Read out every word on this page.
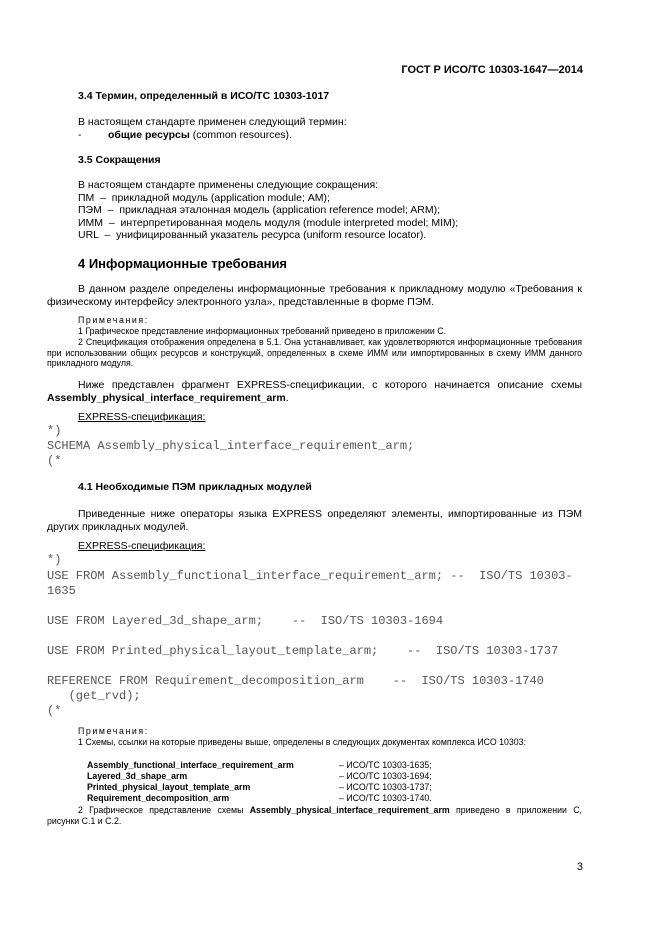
ГОСТ Р ИСО/ТС 10303-1647—2014
3.4 Термин, определенный в ИСО/ТС 10303-1017
В настоящем стандарте применен следующий термин:
-	общие ресурсы (common resources).
3.5 Сокращения
В настоящем стандарте применены следующие сокращения:
ПМ  –  прикладной модуль (application module; АМ);
ПЭМ  –  прикладная эталонная модель (application reference model; ARM);
ИММ  –  интерпретированная модель модуля (module interpreted model; MIM);
URL  –  унифицированный указатель ресурса (uniform resource locator).
4 Информационные требования
В данном разделе определены информационные требования к прикладному модулю «Требования к физическому интерфейсу электронного узла», представленные в форме ПЭМ.
Примечания:
1 Графическое представление информационных требований приведено в приложении С.
2 Спецификация отображения определена в 5.1. Она устанавливает, как удовлетворяются информационные требования при использовании общих ресурсов и конструкций, определенных в схеме ИММ или импортированных в схему ИММ данного прикладного модуля.
Ниже представлен фрагмент EXPRESS-спецификации, с которого начинается описание схемы Assembly_physical_interface_requirement_arm.
EXPRESS-спецификация:
*)
SCHEMA Assembly_physical_interface_requirement_arm;
(*
4.1 Необходимые ПЭМ прикладных модулей
Приведенные ниже операторы языка EXPRESS определяют элементы, импортированные из ПЭМ других прикладных модулей.
EXPRESS-спецификация:
*)
USE FROM Assembly_functional_interface_requirement_arm; --  ISO/TS 10303-
1635
USE FROM Layered_3d_shape_arm;    --  ISO/TS 10303-1694
USE FROM Printed_physical_layout_template_arm;    --  ISO/TS 10303-1737
REFERENCE FROM Requirement_decomposition_arm    --  ISO/TS 10303-1740
(get_rvd);
(*
Примечания:
1 Схемы, ссылки на которые приведены выше, определены в следующих документах комплекса ИСО 10303:
Assembly_functional_interface_requirement_arm	– ИСО/ТС 10303-1635;
Layered_3d_shape_arm	– ИСО/ТС 10303-1694;
Printed_physical_layout_template_arm	– ИСО/ТС 10303-1737;
Requirement_decomposition_arm	– ИСО/ТС 10303-1740.
2 Графическое представление схемы Assembly_physical_interface_requirement_arm приведено в приложении С, рисунки С.1 и С.2.
3
